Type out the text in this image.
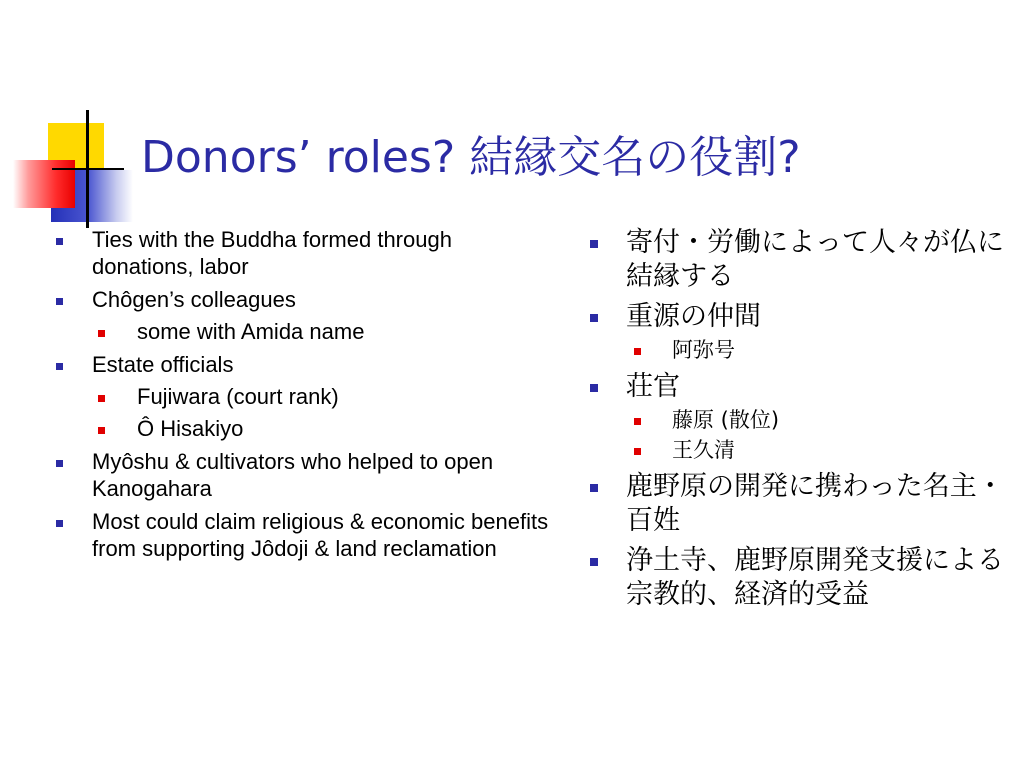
Donors’ roles? 結縁交名の役割?
Ties with the Buddha formed through donations, labor
Chôgen’s colleagues
some with Amida name
Estate officials
Fujiwara (court rank)
Ô Hisakiyo
Myôshu & cultivators who helped to open Kanogahara
Most could claim religious & economic benefits from supporting Jôdoji & land reclamation
寄付・労働によって人々が仏に結縁する
重源の仲間
阿弥号
荘官
藤原 (散位)
王久清
鹿野原の開発に携わった名主・百姓
浄土寺、鹿野原開発支援による宗教的、経済的受益
